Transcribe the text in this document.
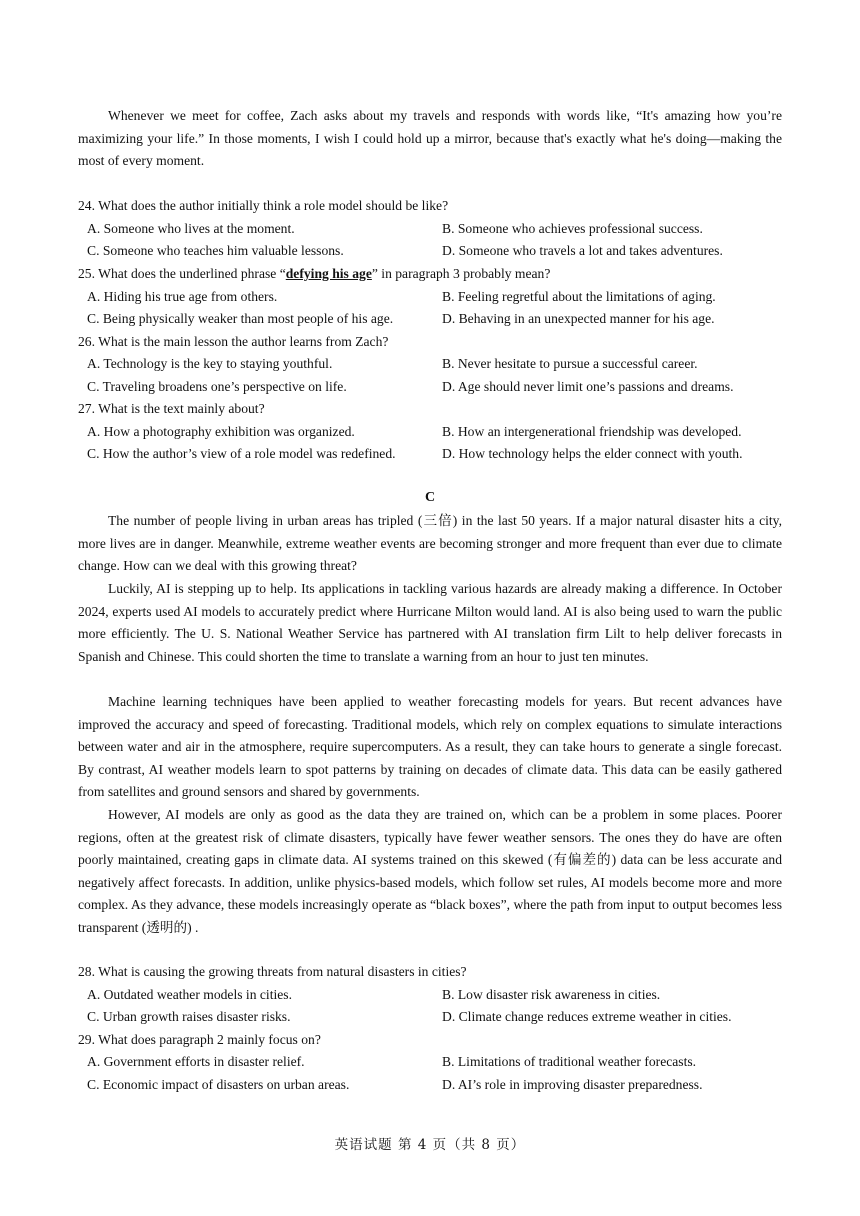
Whenever we meet for coffee, Zach asks about my travels and responds with words like, “It's amazing how you’re maximizing your life.” In those moments, I wish I could hold up a mirror, because that's exactly what he's doing—making the most of every moment.

24. What does the author initially think a role model should be like?

A. Someone who lives at the moment.	B. Someone who achieves professional success.
C. Someone who teaches him valuable lessons.	D. Someone who travels a lot and takes adventures.

25. What does the underlined phrase “defying his age” in paragraph 3 probably mean?

A. Hiding his true age from others.	B. Feeling regretful about the limitations of aging.
C. Being physically weaker than most people of his age.	D. Behaving in an unexpected manner for his age.

26. What is the main lesson the author learns from Zach?

A. Technology is the key to staying youthful.	B. Never hesitate to pursue a successful career.
C. Traveling broadens one’s perspective on life.	D. Age should never limit one’s passions and dreams.

27. What is the text mainly about?

A. How a photography exhibition was organized.	B. How an intergenerational friendship was developed.
C. How the author’s view of a role model was redefined.	D. How technology helps the elder connect with youth.
C

The number of people living in urban areas has tripled (三倍) in the last 50 years. If a major natural disaster hits a city, more lives are in danger. Meanwhile, extreme weather events are becoming stronger and more frequent than ever due to climate change. How can we deal with this growing threat?

Luckily, AI is stepping up to help. Its applications in tackling various hazards are already making a difference. In October 2024, experts used AI models to accurately predict where Hurricane Milton would land. AI is also being used to warn the public more efficiently. The U. S. National Weather Service has partnered with AI translation firm Lilt to help deliver forecasts in Spanish and Chinese. This could shorten the time to translate a warning from an hour to just ten minutes.

Machine learning techniques have been applied to weather forecasting models for years. But recent advances have improved the accuracy and speed of forecasting. Traditional models, which rely on complex equations to simulate interactions between water and air in the atmosphere, require supercomputers. As a result, they can take hours to generate a single forecast. By contrast, AI weather models learn to spot patterns by training on decades of climate data. This data can be easily gathered from satellites and ground sensors and shared by governments.

However, AI models are only as good as the data they are trained on, which can be a problem in some places. Poorer regions, often at the greatest risk of climate disasters, typically have fewer weather sensors. The ones they do have are often poorly maintained, creating gaps in climate data. AI systems trained on this skewed (有偏差的) data can be less accurate and negatively affect forecasts. In addition, unlike physics-based models, which follow set rules, AI models become more and more complex. As they advance, these models increasingly operate as “black boxes”, where the path from input to output becomes less transparent (透明的) .

28. What is causing the growing threats from natural disasters in cities?

A. Outdated weather models in cities.	B. Low disaster risk awareness in cities.
C. Urban growth raises disaster risks.	D. Climate change reduces extreme weather in cities.

29. What does paragraph 2 mainly focus on?

A. Government efforts in disaster relief.	B. Limitations of traditional weather forecasts.
C. Economic impact of disasters on urban areas.	D. AI’s role in improving disaster preparedness.
英语试题 第 4 页（共 8 页）
